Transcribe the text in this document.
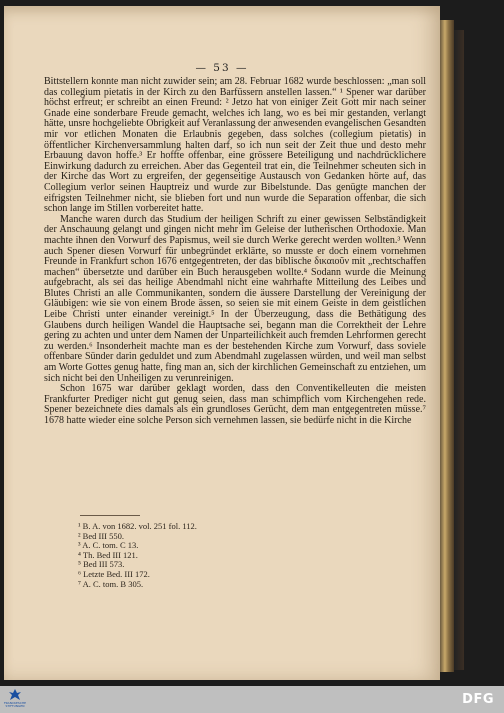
— 53 —

Bittstellern konnte man nicht zuwider sein; am 28. Februar 1682 wurde beschlossen: „man soll das collegium pietatis in der Kirch zu den Barfüssern anstellen lassen.“ ¹ Spener war darüber höchst erfreut; er schreibt an einen Freund: ² Jetzo hat von einiger Zeit Gott mir nach seiner Gnade eine sonderbare Freude gemacht, welches ich lang, wo es bei mir gestanden, verlangt hätte, unsre hochgeliebte Obrigkeit auf Veranlassung der anwesenden evangelischen Gesandten mir vor etlichen Monaten die Erlaubnis gegeben, dass solches (collegium pietatis) in öffentlicher Kirchenversammlung halten darf, so ich nun seit der Zeit thue und desto mehr Erbauung davon hoffe.³ Er hoffte offenbar, eine grössere Beteiligung und nachdrücklichere Einwirkung dadurch zu erreichen. Aber das Gegenteil trat ein, die Teilnehmer scheuten sich in der Kirche das Wort zu ergreifen, der gegenseitige Austausch von Gedanken hörte auf, das Collegium verlor seinen Hauptreiz und wurde zur Bibelstunde. Das genügte manchen der eifrigsten Teilnehmer nicht, sie blieben fort und nun wurde die Separation offenbar, die sich schon lange im Stillen vorbereitet hatte.

Manche waren durch das Studium der heiligen Schrift zu einer gewissen Selbständigkeit der Anschauung gelangt und gingen nicht mehr im Geleise der lutherischen Orthodoxie. Man machte ihnen den Vorwurf des Papismus, weil sie durch Werke gerecht werden wollten.³ Wenn auch Spener diesen Vorwurf für unbegründet erklärte, so musste er doch einem vornehmen Freunde in Frankfurt schon 1676 entgegentreten, der das biblische δικαιοῦν mit „rechtschaffen machen“ übersetzte und darüber ein Buch herausgeben wollte.⁴ Sodann wurde die Meinung aufgebracht, als sei das heilige Abendmahl nicht eine wahrhafte Mitteilung des Leibes und Blutes Christi an alle Communikanten, sondern die äussere Darstellung der Vereinigung der Gläubigen: wie sie von einem Brode ässen, so seien sie mit einem Geiste in dem geistlichen Leibe Christi unter einander vereinigt.⁵ In der Überzeugung, dass die Bethätigung des Glaubens durch heiligen Wandel die Hauptsache sei, begann man die Correktheit der Lehre gering zu achten und unter dem Namen der Unparteilichkeit auch fremden Lehrformen gerecht zu werden.⁶ Insonderheit machte man es der bestehenden Kirche zum Vorwurf, dass soviele offenbare Sünder darin geduldet und zum Abendmahl zugelassen würden, und weil man selbst am Worte Gottes genug hatte, fing man an, sich der kirchlichen Gemeinschaft zu entziehen, um sich nicht bei den Unheiligen zu verunreinigen.

Schon 1675 war darüber geklagt worden, dass den Conventikelleuten die meisten Frankfurter Prediger nicht gut genug seien, dass man schimpflich vom Kirchengehen rede. Spener bezeichnete dies damals als ein grundloses Gerücht, dem man entgegentreten müsse.⁷ 1678 hatte wieder eine solche Person sich vernehmen lassen, sie bedürfe nicht in die Kirche

¹ B. A. von 1682. vol. 251 fol. 112.
² Bed III 550.
³ A. C. tom. C 13.
⁴ Th. Bed III 121.
⁵ Bed III 573.
⁶ Letzte Bed. III 172.
⁷ A. C. tom. B 305.
FRANCKESCHE STIFTUNGEN	DFG
